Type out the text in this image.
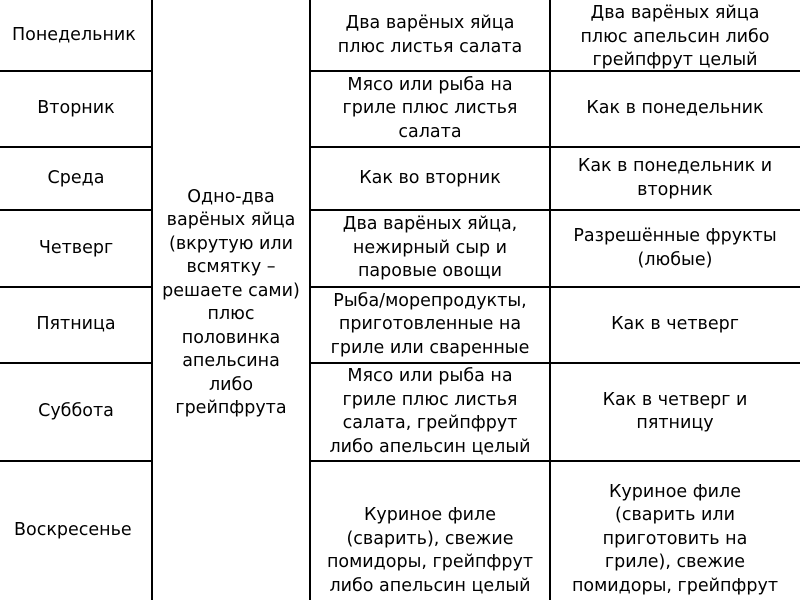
Понедельник
Вторник
Среда
Четверг
Пятница
Суббота
Воскресенье
Одно-два
варёных яйца
(вкрутую или
всмятку –
решаете сами)
плюс
половинка
апельсина
либо
грейпфрута
Два варёных яйца
плюс листья салата
Мясо или рыба на
гриле плюс листья
салата
Как во вторник
Два варёных яйца,
нежирный сыр и
паровые овощи
Рыба/морепродукты,
приготовленные на
гриле или сваренные
Мясо или рыба на
гриле плюс листья
салата, грейпфрут
либо апельсин целый
Куриное филе
(сварить), свежие
помидоры, грейпфрут
либо апельсин целый
Два варёных яйца
плюс апельсин либо
грейпфрут целый
Как в понедельник
Как в понедельник и
вторник
Разрешённые фрукты
(любые)
Как в четверг
Как в четверг и
пятницу
Куриное филе
(сварить или
приготовить на
гриле), свежие
помидоры, грейпфрут
